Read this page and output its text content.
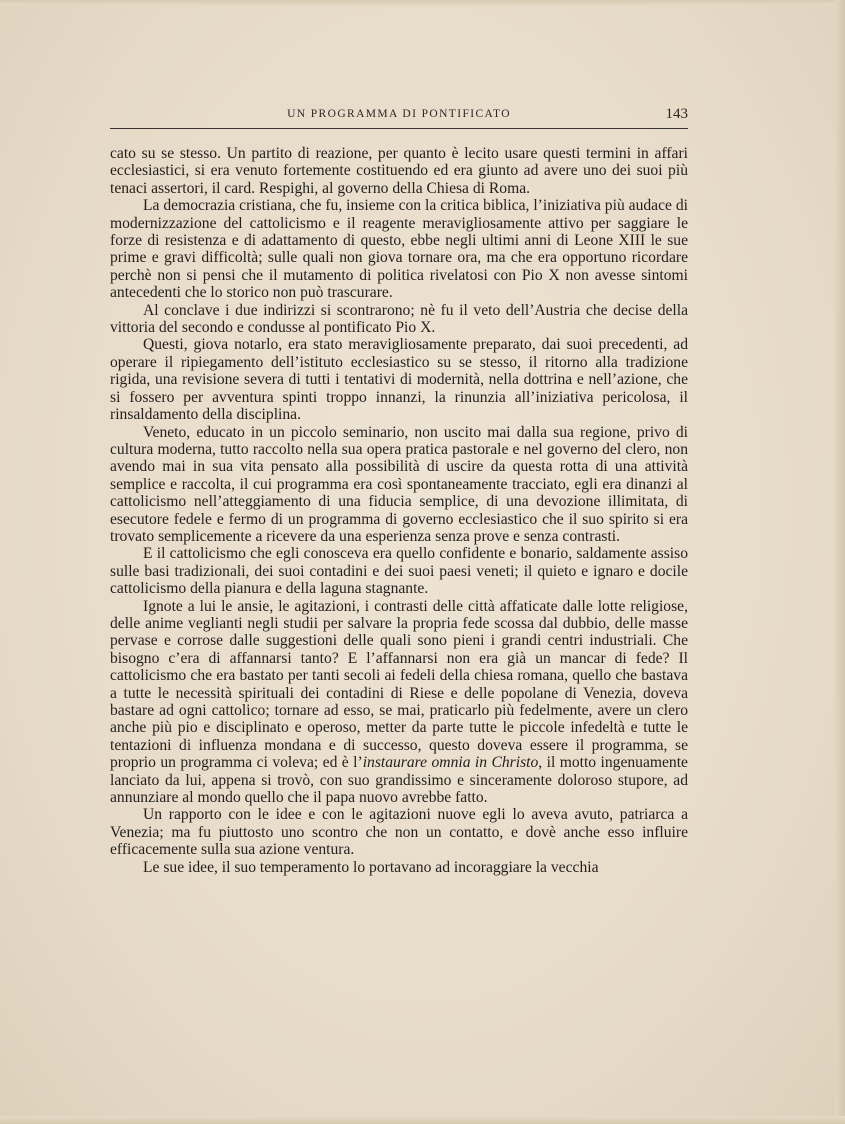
UN PROGRAMMA DI PONTIFICATO	143

cato su se stesso. Un partito di reazione, per quanto è lecito usare questi termini in affari ecclesiastici, si era venuto fortemente costituendo ed era giunto ad avere uno dei suoi più tenaci assertori, il card. Respighi, al governo della Chiesa di Roma.

La democrazia cristiana, che fu, insieme con la critica biblica, l’iniziativa più audace di modernizzazione del cattolicismo e il reagente meravigliosamente attivo per saggiare le forze di resistenza e di adattamento di questo, ebbe negli ultimi anni di Leone XIII le sue prime e gravi difficoltà; sulle quali non giova tornare ora, ma che era opportuno ricordare perchè non si pensi che il mutamento di politica rivelatosi con Pio X non avesse sintomi antecedenti che lo storico non può trascurare.

Al conclave i due indirizzi si scontrarono; nè fu il veto dell’Austria che decise della vittoria del secondo e condusse al pontificato Pio X.

Questi, giova notarlo, era stato meravigliosamente preparato, dai suoi precedenti, ad operare il ripiegamento dell’istituto ecclesiastico su se stesso, il ritorno alla tradizione rigida, una revisione severa di tutti i tentativi di modernità, nella dottrina e nell’azione, che si fossero per avventura spinti troppo innanzi, la rinunzia all’iniziativa pericolosa, il rinsaldamento della disciplina.

Veneto, educato in un piccolo seminario, non uscito mai dalla sua regione, privo di cultura moderna, tutto raccolto nella sua opera pratica pastorale e nel governo del clero, non avendo mai in sua vita pensato alla possibilità di uscire da questa rotta di una attività semplice e raccolta, il cui programma era così spontaneamente tracciato, egli era dinanzi al cattolicismo nell’atteggiamento di una fiducia semplice, di una devozione illimitata, di esecutore fedele e fermo di un programma di governo ecclesiastico che il suo spirito si era trovato semplicemente a ricevere da una esperienza senza prove e senza contrasti.

E il cattolicismo che egli conosceva era quello confidente e bonario, saldamente assiso sulle basi tradizionali, dei suoi contadini e dei suoi paesi veneti; il quieto e ignaro e docile cattolicismo della pianura e della laguna stagnante.

Ignote a lui le ansie, le agitazioni, i contrasti delle città affaticate dalle lotte religiose, delle anime veglianti negli studii per salvare la propria fede scossa dal dubbio, delle masse pervase e corrose dalle suggestioni delle quali sono pieni i grandi centri industriali. Che bisogno c’era di affannarsi tanto? E l’affannarsi non era già un mancar di fede? Il cattolicismo che era bastato per tanti secoli ai fedeli della chiesa romana, quello che bastava a tutte le necessità spirituali dei contadini di Riese e delle popolane di Venezia, doveva bastare ad ogni cattolico; tornare ad esso, se mai, praticarlo più fedelmente, avere un clero anche più pio e disciplinato e operoso, metter da parte tutte le piccole infedeltà e tutte le tentazioni di influenza mondana e di successo, questo doveva essere il programma, se proprio un programma ci voleva; ed è l’instaurare omnia in Christo, il motto ingenuamente lanciato da lui, appena si trovò, con suo grandissimo e sinceramente doloroso stupore, ad annunziare al mondo quello che il papa nuovo avrebbe fatto.

Un rapporto con le idee e con le agitazioni nuove egli lo aveva avuto, patriarca a Venezia; ma fu piuttosto uno scontro che non un contatto, e dovè anche esso influire efficacemente sulla sua azione ventura.

Le sue idee, il suo temperamento lo portavano ad incoraggiare la vecchia
